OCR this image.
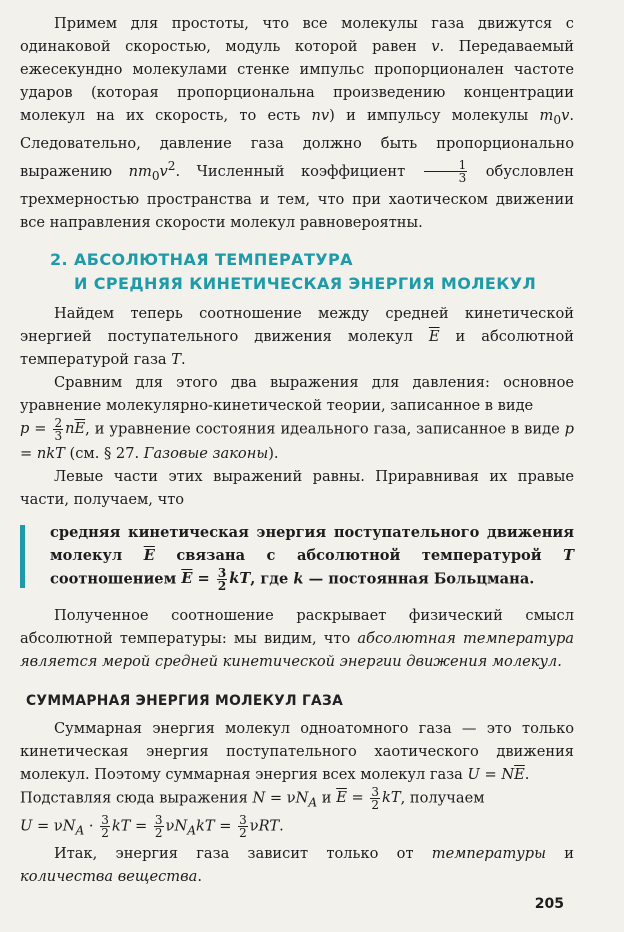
Примем для простоты, что все молекулы газа движутся с одинаковой скоростью, модуль которой равен v. Передаваемый ежесекундно молекулами стенке импульс пропорционален частоте ударов (которая пропорциональна произведению концентрации молекул на их скорость, то есть nv) и импульсу молекулы $m_0v$. Следовательно, давление газа должно быть пропорционально выражению $nm_0v^2$. Численный коэффициент $\frac{1}{3}$ обусловлен трехмерностью пространства и тем, что при хаотическом движении все направления скорости молекул равновероятны.

2. АБСОЛЮТНАЯ ТЕМПЕРАТУРА
И СРЕДНЯЯ КИНЕТИЧЕСКАЯ ЭНЕРГИЯ МОЛЕКУЛ

Найдем теперь соотношение между средней кинетической энергией поступательного движения молекул $\overline{E}$ и абсолютной температурой газа T.

Сравним для этого два выражения для давления: основное уравнение молекулярно-кинетической теории, записанное в виде

$p = \frac{2}{3} n\overline{E}$, и уравнение состояния идеального газа, записанное в виде p = nkT (см. § 27. Газовые законы).

Левые части этих выражений равны. Приравнивая их правые части, получаем, что

средняя кинетическая энергия поступательного движения молекул $\overline{E}$ связана с абсолютной температурой T соотношением $\overline{E} = \frac{3}{2}$ kT, где k — постоянная Больцмана.

Полученное соотношение раскрывает физический смысл абсолютной температуры: мы видим, что абсолютная температура является мерой средней кинетической энергии движения молекул.

СУММАРНАЯ ЭНЕРГИЯ МОЛЕКУЛ ГАЗА

Суммарная энергия молекул одноатомного газа — это только кинетическая энергия поступательного хаотического движения молекул. Поэтому суммарная энергия всех молекул газа $U = N\overline{E}$.

Подставляя сюда выражения $N = \nu N_A$ и $\overline{E} = \frac{3}{2}$ kT, получаем

$U = \nu N_A \cdot \frac{3}{2}$ kT = $\frac{3}{2} \nu N_AkT = \frac{3}{2} \nu RT$.

Итак, энергия газа зависит только от температуры и количества вещества.

205
